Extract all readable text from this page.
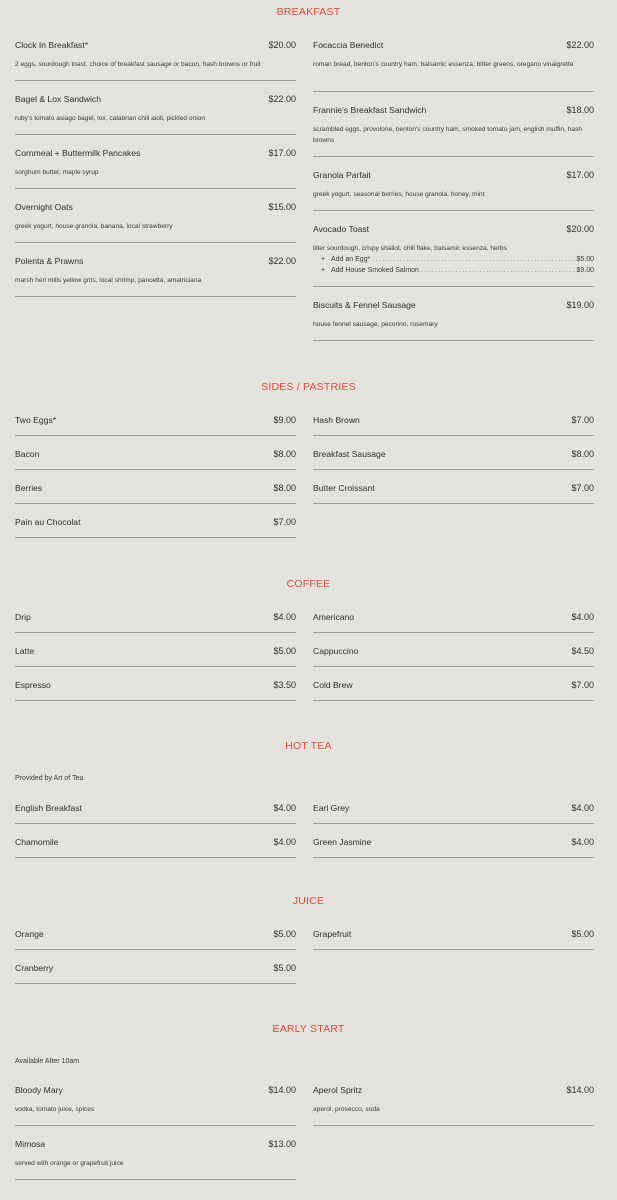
BREAKFAST
Clock In Breakfast*	$20.00
2 eggs, sourdough toast, choice of breakfast sausage or bacon, hash browns or fruit
Bagel & Lox Sandwich	$22.00
ruby's tomato asiago bagel, lox, calabrian chili aioli, pickled onion
Cornmeal + Buttermilk Pancakes	$17.00
sorghum butter, maple syrup
Overnight Oats	$15.00
greek yogurt, house granola, banana, local strawberry
Polenta & Prawns	$22.00
marsh hen mills yellow grits, local shrimp, pancetta, amatriciana
Focaccia Benedict	$22.00
roman bread, benton's country ham, balsamic essenza, bitter greens, oregano vinaigrette
Frannie's Breakfast Sandwich	$18.00
scrambled eggs, provolone, benton's country ham, smoked tomato jam, english muffin, hash browns
Granola Parfait	$17.00
greek yogurt, seasonal berries, house granola, honey, mint
Avocado Toast	$20.00
tiller sourdough, crispy shallot, chili flake, balsamic essenza, herbs
+ Add an Egg* .....	$5.00
+ Add House Smoked Salmon .....	$9.00
Biscuits & Fennel Sausage	$19.00
house fennel sausage, pecorino, rosemary
SIDES / PASTRIES
Two Eggs*	$9.00
Bacon	$8.00
Berries	$8.00
Pain au Chocolat	$7.00
Hash Brown	$7.00
Breakfast Sausage	$8.00
Butter Croissant	$7.00
COFFEE
Drip	$4.00
Latte	$5.00
Espresso	$3.50
Americano	$4.00
Cappuccino	$4.50
Cold Brew	$7.00
HOT TEA
Provided by Art of Tea
English Breakfast	$4.00
Chamomile	$4.00
Earl Grey	$4.00
Green Jasmine	$4.00
JUICE
Orange	$5.00
Cranberry	$5.00
Grapefruit	$5.00
EARLY START
Available After 10am
Bloody Mary	$14.00
vodka, tomato juice, spices
Mimosa	$13.00
served with orange or grapefruit juice
Aperol Spritz	$14.00
aperol, prosecco, soda
